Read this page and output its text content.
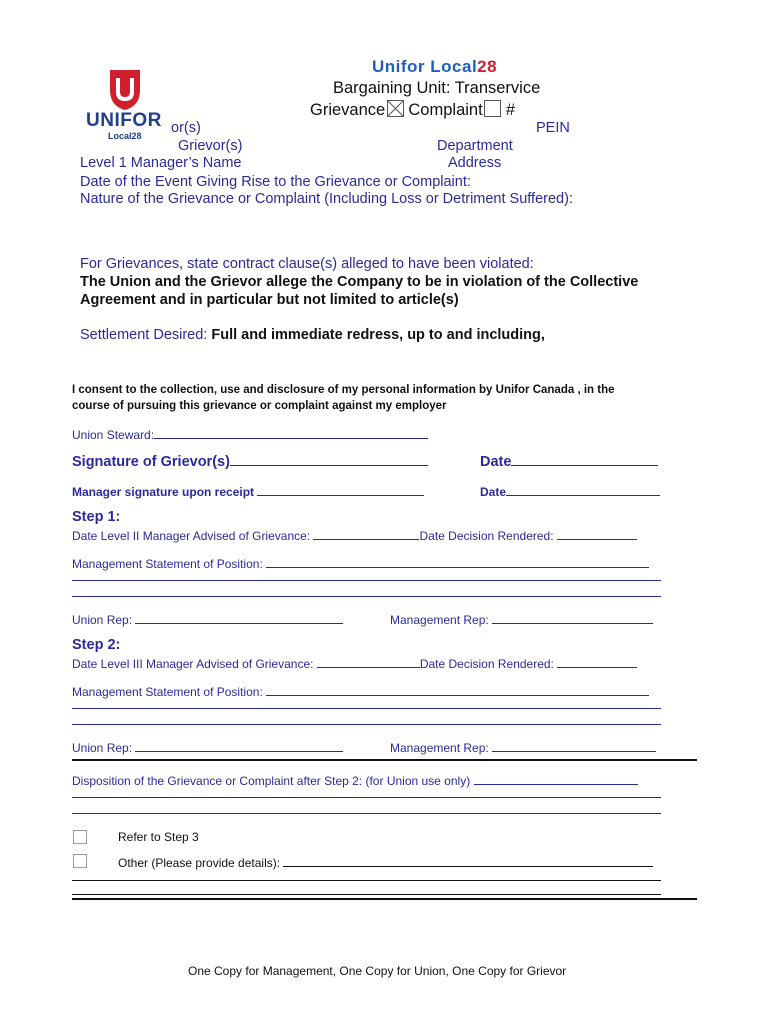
UNIFOR
Local28
Unifor Local28
Bargaining Unit: Transervice
Grievance Complaint #
or(s)	PEIN
Grievor(s)	Department
Level 1 Manager’s Name	Address
Date of the Event Giving Rise to the Grievance or Complaint:
Nature of the Grievance or Complaint (Including Loss or Detriment Suffered):
For Grievances, state contract clause(s) alleged to have been violated:
The Union and the Grievor allege the Company to be in violation of the Collective
Agreement and in particular but not limited to article(s)
Settlement Desired: Full and immediate redress, up to and including,
I consent to the collection, use and disclosure of my personal information by Unifor Canada , in the
course of pursuing this grievance or complaint against my employer
Union Steward:
Signature of Grievor(s)	Date
Manager signature upon receipt	Date
Step 1:
Date Level II Manager Advised of Grievance:	Date Decision Rendered:
Management Statement of Position:
Union Rep:	Management Rep:
Step 2:
Date Level III Manager Advised of Grievance:	Date Decision Rendered:
Management Statement of Position:
Union Rep:	Management Rep:
Disposition of the Grievance or Complaint after Step 2: (for Union use only)
Refer to Step 3
Other (Please provide details):
One Copy for Management, One Copy for Union, One Copy for Grievor
